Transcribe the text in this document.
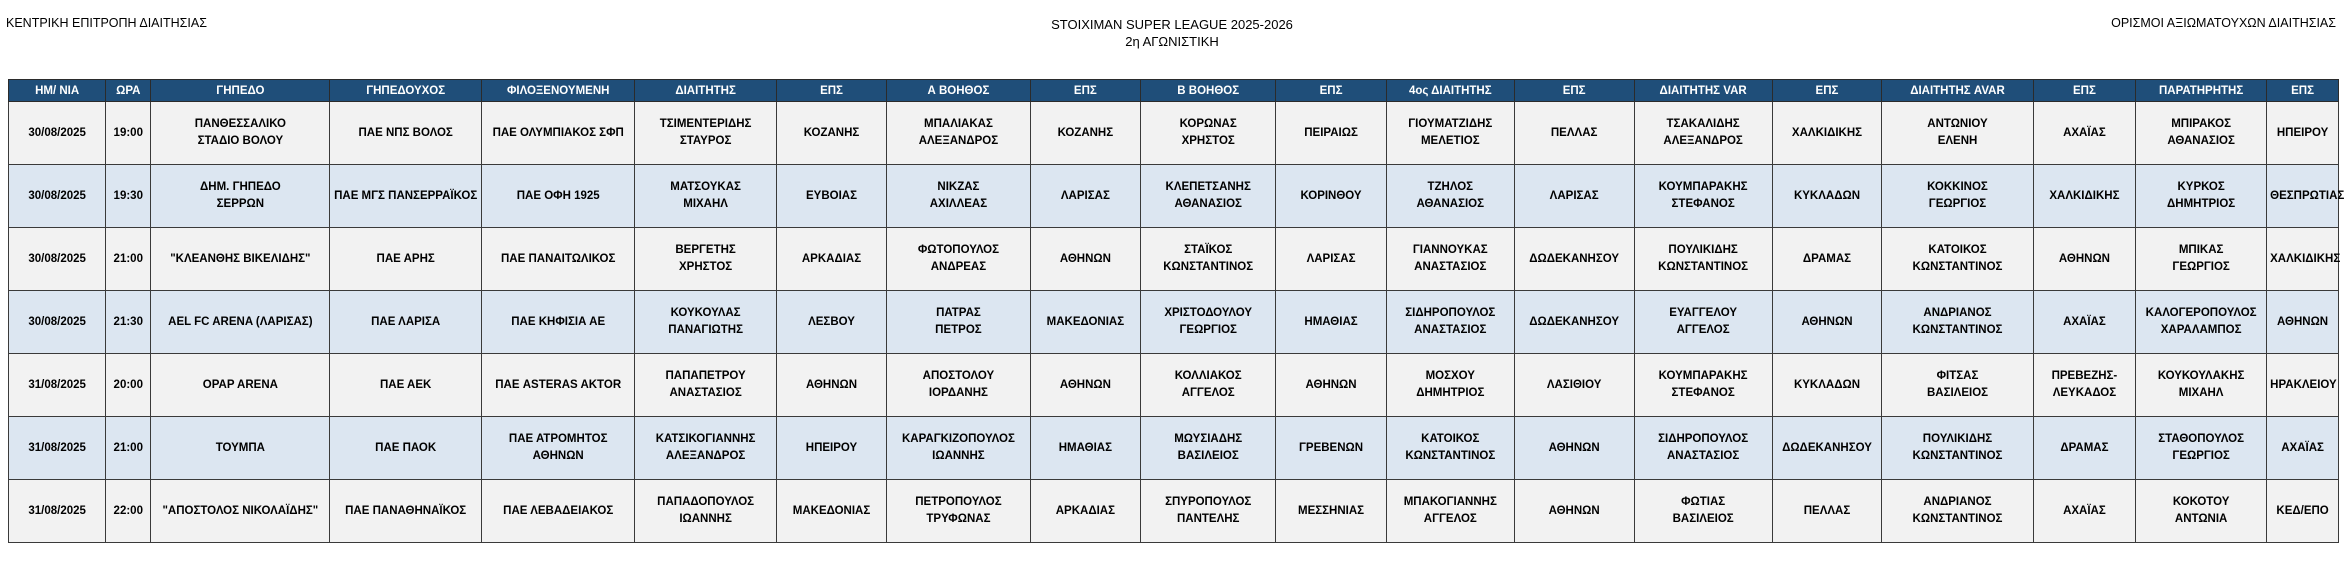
ΚΕΝΤΡΙΚΗ ΕΠΙΤΡΟΠΗ ΔΙΑΙΤΗΣΙΑΣ	STOIXIMAN SUPER LEAGUE 2025-2026
2η ΑΓΩΝΙΣΤΙΚΗ
ΟΡΙΣΜΟΙ ΑΞΙΩΜΑΤΟΥΧΩΝ ΔΙΑΙΤΗΣΙΑΣ
ΗΜ/ ΝΙΑ	ΩΡΑ	ΓΗΠΕΔΟ	ΓΗΠΕΔΟΥΧΟΣ	ΦΙΛΟΞΕΝΟΥΜΕΝΗ	ΔΙΑΙΤΗΤΗΣ	ΕΠΣ	Α ΒΟΗΘΟΣ	ΕΠΣ	Β ΒΟΗΘΟΣ	ΕΠΣ	4ος ΔΙΑΙΤΗΤΗΣ	ΕΠΣ	ΔΙΑΙΤΗΤΗΣ VAR	ΕΠΣ	ΔΙΑΙΤΗΤΗΣ AVAR	ΕΠΣ	ΠΑΡΑΤΗΡΗΤΗΣ	ΕΠΣ

30/08/2025	19:00	ΠΑΝΘΕΣΣΑΛΙΚΟ
ΣΤΑΔΙΟ ΒΟΛΟΥ	ΠΑΕ ΝΠΣ ΒΟΛΟΣ	ΠΑΕ ΟΛΥΜΠΙΑΚΟΣ ΣΦΠ	ΤΣΙΜΕΝΤΕΡΙΔΗΣ
ΣΤΑΥΡΟΣ	ΚΟΖΑΝΗΣ	ΜΠΑΛΙΑΚΑΣ
ΑΛΕΞΑΝΔΡΟΣ	ΚΟΖΑΝΗΣ	ΚΟΡΩΝΑΣ
ΧΡΗΣΤΟΣ	ΠΕΙΡΑΙΩΣ	ΓΙΟΥΜΑΤΖΙΔΗΣ
ΜΕΛΕΤΙΟΣ	ΠΕΛΛΑΣ	ΤΣΑΚΑΛΙΔΗΣ
ΑΛΕΞΑΝΔΡΟΣ	ΧΑΛΚΙΔΙΚΗΣ	ΑΝΤΩΝΙΟΥ
ΕΛΕΝΗ	ΑΧΑΪΑΣ	ΜΠΙΡΑΚΟΣ
ΑΘΑΝΑΣΙΟΣ	ΗΠΕΙΡΟΥ

30/08/2025	19:30	ΔΗΜ. ΓΗΠΕΔΟ
ΣΕΡΡΩΝ	ΠΑΕ ΜΓΣ ΠΑΝΣΕΡΡΑΪΚΟΣ	ΠΑΕ ΟΦΗ 1925	ΜΑΤΣΟΥΚΑΣ
ΜΙΧΑΗΛ	ΕΥΒΟΙΑΣ	ΝΙΚΖΑΣ
ΑΧΙΛΛΕΑΣ	ΛΑΡΙΣΑΣ	ΚΛΕΠΕΤΣΑΝΗΣ
ΑΘΑΝΑΣΙΟΣ	ΚΟΡΙΝΘΟΥ	ΤΖΗΛΟΣ
ΑΘΑΝΑΣΙΟΣ	ΛΑΡΙΣΑΣ	ΚΟΥΜΠΑΡΑΚΗΣ
ΣΤΕΦΑΝΟΣ	ΚΥΚΛΑΔΩΝ	ΚΟΚΚΙΝΟΣ
ΓΕΩΡΓΙΟΣ	ΧΑΛΚΙΔΙΚΗΣ	ΚΥΡΚΟΣ
ΔΗΜΗΤΡΙΟΣ	ΘΕΣΠΡΩΤΙΑΣ

30/08/2025	21:00	"ΚΛΕΑΝΘΗΣ ΒΙΚΕΛΙΔΗΣ"	ΠΑΕ ΑΡΗΣ	ΠΑΕ ΠΑΝΑΙΤΩΛΙΚΟΣ	ΒΕΡΓΕΤΗΣ
ΧΡΗΣΤΟΣ	ΑΡΚΑΔΙΑΣ	ΦΩΤΟΠΟΥΛΟΣ
ΑΝΔΡΕΑΣ	ΑΘΗΝΩΝ	ΣΤΑΪΚΟΣ
ΚΩΝΣΤΑΝΤΙΝΟΣ	ΛΑΡΙΣΑΣ	ΓΙΑΝΝΟΥΚΑΣ
ΑΝΑΣΤΑΣΙΟΣ	ΔΩΔΕΚΑΝΗΣΟΥ	ΠΟΥΛΙΚΙΔΗΣ
ΚΩΝΣΤΑΝΤΙΝΟΣ	ΔΡΑΜΑΣ	ΚΑΤΟΙΚΟΣ
ΚΩΝΣΤΑΝΤΙΝΟΣ	ΑΘΗΝΩΝ	ΜΠΙΚΑΣ
ΓΕΩΡΓΙΟΣ	ΧΑΛΚΙΔΙΚΗΣ

30/08/2025	21:30	AEL FC ARENA (ΛΑΡΙΣΑΣ)	ΠΑΕ ΛΑΡΙΣΑ	ΠΑΕ ΚΗΦΙΣΙΑ ΑΕ	ΚΟΥΚΟΥΛΑΣ
ΠΑΝΑΓΙΩΤΗΣ	ΛΕΣΒΟΥ	ΠΑΤΡΑΣ
ΠΕΤΡΟΣ	ΜΑΚΕΔΟΝΙΑΣ	ΧΡΙΣΤΟΔΟΥΛΟΥ
ΓΕΩΡΓΙΟΣ	ΗΜΑΘΙΑΣ	ΣΙΔΗΡΟΠΟΥΛΟΣ
ΑΝΑΣΤΑΣΙΟΣ	ΔΩΔΕΚΑΝΗΣΟΥ	ΕΥΑΓΓΕΛΟΥ
ΑΓΓΕΛΟΣ	ΑΘΗΝΩΝ	ΑΝΔΡΙΑΝΟΣ
ΚΩΝΣΤΑΝΤΙΝΟΣ	ΑΧΑΪΑΣ	ΚΑΛΟΓΕΡΟΠΟΥΛΟΣ
ΧΑΡΑΛΑΜΠΟΣ	ΑΘΗΝΩΝ

31/08/2025	20:00	OPAP ARENA	ΠΑΕ ΑΕΚ	ΠΑΕ ASTERAS AKTOR	ΠΑΠΑΠΕΤΡΟΥ
ΑΝΑΣΤΑΣΙΟΣ	ΑΘΗΝΩΝ	ΑΠΟΣΤΟΛΟΥ
ΙΟΡΔΑΝΗΣ	ΑΘΗΝΩΝ	ΚΟΛΛΙΑΚΟΣ
ΑΓΓΕΛΟΣ	ΑΘΗΝΩΝ	ΜΟΣΧΟΥ
ΔΗΜΗΤΡΙΟΣ	ΛΑΣΙΘΙΟΥ	ΚΟΥΜΠΑΡΑΚΗΣ
ΣΤΕΦΑΝΟΣ	ΚΥΚΛΑΔΩΝ	ΦΙΤΣΑΣ
ΒΑΣΙΛΕΙΟΣ	ΠΡΕΒΕΖΗΣ-
ΛΕΥΚΑΔΟΣ	ΚΟΥΚΟΥΛΑΚΗΣ
ΜΙΧΑΗΛ	ΗΡΑΚΛΕΙΟΥ

31/08/2025	21:00	ΤΟΥΜΠΑ	ΠΑΕ ΠΑΟΚ	ΠΑΕ ΑΤΡΟΜΗΤΟΣ
ΑΘΗΝΩΝ	ΚΑΤΣΙΚΟΓΙΑΝΝΗΣ
ΑΛΕΞΑΝΔΡΟΣ	ΗΠΕΙΡΟΥ	ΚΑΡΑΓΚΙΖΟΠΟΥΛΟΣ
ΙΩΑΝΝΗΣ	ΗΜΑΘΙΑΣ	ΜΩΥΣΙΑΔΗΣ
ΒΑΣΙΛΕΙΟΣ	ΓΡΕΒΕΝΩΝ	ΚΑΤΟΙΚΟΣ
ΚΩΝΣΤΑΝΤΙΝΟΣ	ΑΘΗΝΩΝ	ΣΙΔΗΡΟΠΟΥΛΟΣ
ΑΝΑΣΤΑΣΙΟΣ	ΔΩΔΕΚΑΝΗΣΟΥ	ΠΟΥΛΙΚΙΔΗΣ
ΚΩΝΣΤΑΝΤΙΝΟΣ	ΔΡΑΜΑΣ	ΣΤΑΘΟΠΟΥΛΟΣ
ΓΕΩΡΓΙΟΣ	ΑΧΑΪΑΣ

31/08/2025	22:00	"ΑΠΟΣΤΟΛΟΣ ΝΙΚΟΛΑΪΔΗΣ"	ΠΑΕ ΠΑΝΑΘΗΝΑΪΚΟΣ	ΠΑΕ ΛΕΒΑΔΕΙΑΚΟΣ	ΠΑΠΑΔΟΠΟΥΛΟΣ
ΙΩΑΝΝΗΣ	ΜΑΚΕΔΟΝΙΑΣ	ΠΕΤΡΟΠΟΥΛΟΣ
ΤΡΥΦΩΝΑΣ	ΑΡΚΑΔΙΑΣ	ΣΠΥΡΟΠΟΥΛΟΣ
ΠΑΝΤΕΛΗΣ	ΜΕΣΣΗΝΙΑΣ	ΜΠΑΚΟΓΙΑΝΝΗΣ
ΑΓΓΕΛΟΣ	ΑΘΗΝΩΝ	ΦΩΤΙΑΣ
ΒΑΣΙΛΕΙΟΣ	ΠΕΛΛΑΣ	ΑΝΔΡΙΑΝΟΣ
ΚΩΝΣΤΑΝΤΙΝΟΣ	ΑΧΑΪΑΣ	ΚΟΚΟΤΟΥ
ΑΝΤΩΝΙΑ	ΚΕΔ/ΕΠΟ
